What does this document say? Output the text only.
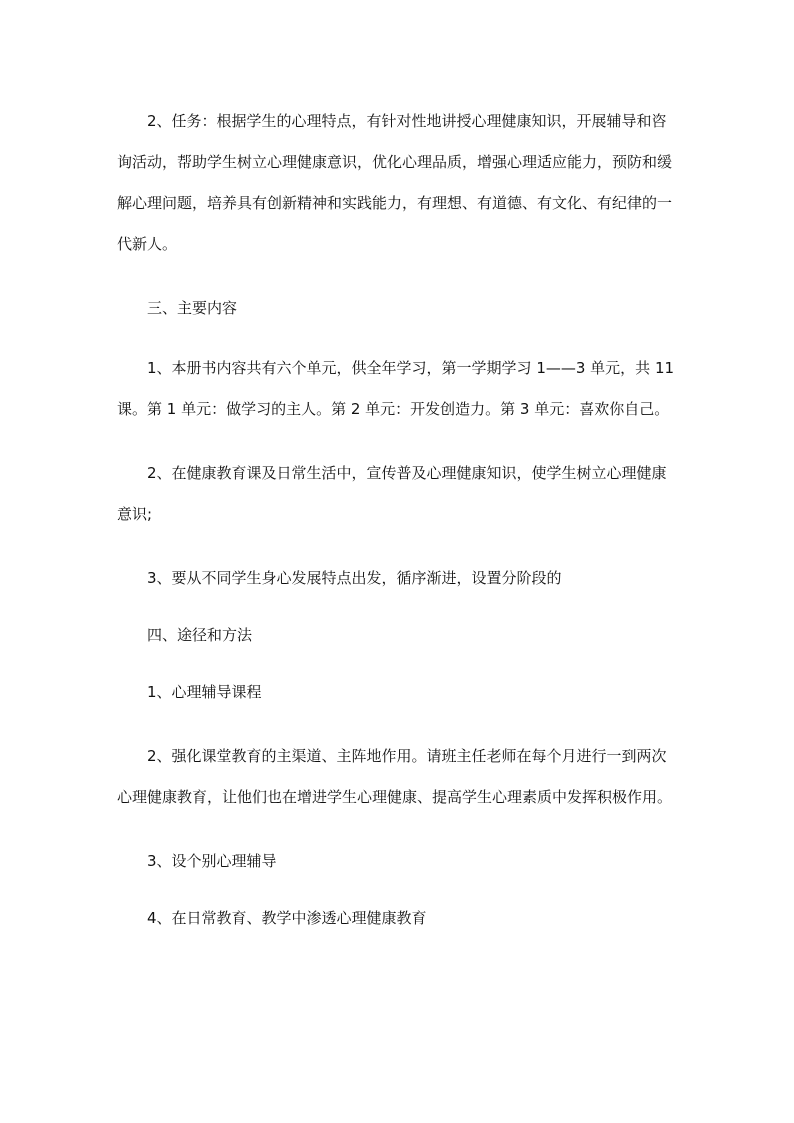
2、任务：根据学生的心理特点，有针对性地讲授心理健康知识，开展辅导和咨询活动，帮助学生树立心理健康意识，优化心理品质，增强心理适应能力，预防和缓解心理问题，培养具有创新精神和实践能力，有理想、有道德、有文化、有纪律的一代新人。

三、主要内容

1、本册书内容共有六个单元，供全年学习，第一学期学习 1——3 单元，共 11 课。第 1 单元：做学习的主人。第 2 单元：开发创造力。第 3 单元：喜欢你自己。

2、在健康教育课及日常生活中，宣传普及心理健康知识，使学生树立心理健康意识;

3、要从不同学生身心发展特点出发，循序渐进，设置分阶段的

四、途径和方法

1、心理辅导课程

2、强化课堂教育的主渠道、主阵地作用。请班主任老师在每个月进行一到两次心理健康教育，让他们也在增进学生心理健康、提高学生心理素质中发挥积极作用。

3、设个别心理辅导

4、在日常教育、教学中渗透心理健康教育
